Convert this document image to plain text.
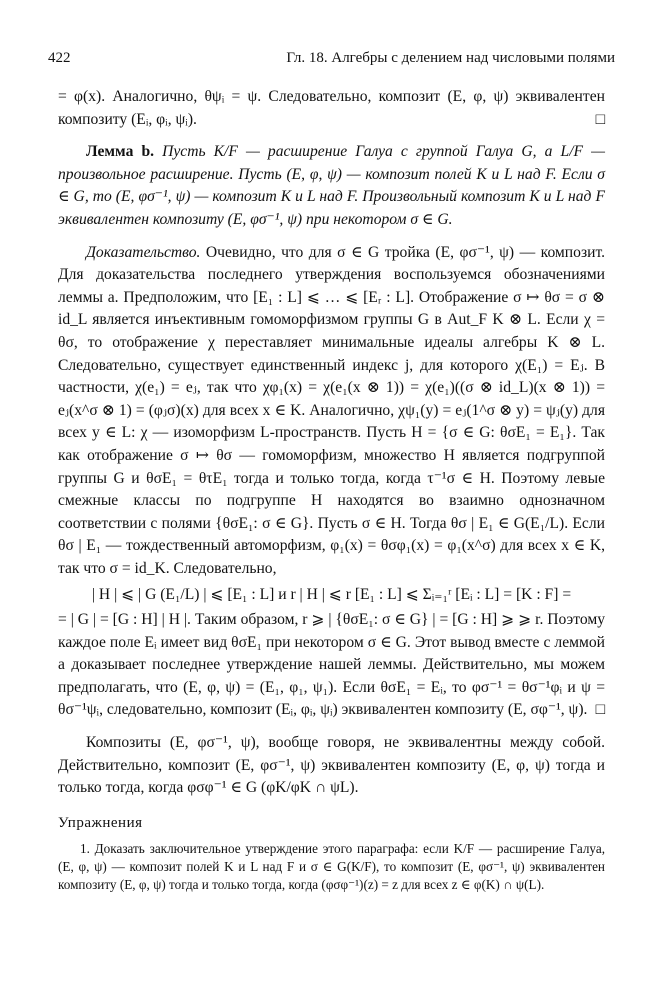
422	Гл. 18. Алгебры с делением над числовыми полями

= φ(x). Аналогично, θψᵢ = ψ. Следовательно, композит (E, φ, ψ) эквивалентен композиту (Eᵢ, φᵢ, ψᵢ).	□

Лемма b. Пусть K/F — расширение Галуа с группой Галуа G, a L/F — произвольное расширение. Пусть (E, φ, ψ) — композит полей K и L над F. Если σ ∈ G, то (E, φσ⁻¹, ψ) — композит K и L над F. Произвольный композит K и L над F эквивалентен композиту (E, φσ⁻¹, ψ) при некотором σ ∈ G.

Доказательство. Очевидно, что для σ ∈ G тройка (E, φσ⁻¹, ψ) — композит. Для доказательства последнего утверждения воспользуемся обозначениями леммы a. Предположим, что [E₁ : L] ⩽ … ⩽ [Eᵣ : L]. Отображение σ ↦ θσ = σ ⊗ id_L является инъективным гомоморфизмом группы G в Aut_F K ⊗ L. Если χ = θσ, то отображение χ переставляет минимальные идеалы алгебры K ⊗ L. Следовательно, существует единственный индекс j, для которого χ(E₁) = Eⱼ. В частности, χ(e₁) = eⱼ, так что χφ₁(x) = χ(e₁(x ⊗ 1)) = χ(e₁)((σ ⊗ id_L)(x ⊗ 1)) = eⱼ(x^σ ⊗ 1) = (φⱼσ)(x) для всех x ∈ K. Аналогично, χψ₁(y) = eⱼ(1^σ ⊗ y) = ψⱼ(y) для всех y ∈ L: χ — изоморфизм L-пространств. Пусть H = {σ ∈ G: θσE₁ = E₁}. Так как отображение σ ↦ θσ — гомоморфизм, множество H является подгруппой группы G и θσE₁ = θτE₁ тогда и только тогда, когда τ⁻¹σ ∈ H. Поэтому левые смежные классы по подгруппе H находятся во взаимно однозначном соответствии с полями {θσE₁: σ ∈ G}. Пусть σ ∈ H. Тогда θσ | E₁ ∈ G(E₁/L). Если θσ | E₁ — тождественный автоморфизм, φ₁(x) = θσφ₁(x) = φ₁(x^σ) для всех x ∈ K, так что σ = id_K. Следовательно,

| H | ⩽ | G (E₁/L) | ⩽ [E₁ : L] и r | H | ⩽ r [E₁ : L] ⩽ Σᵢ₌₁ʳ [Eᵢ : L] = [K : F] =

= | G | = [G : H] | H |. Таким образом, r ⩾ | {θσE₁: σ ∈ G} | = [G : H] ⩾ ⩾ r. Поэтому каждое поле Eᵢ имеет вид θσE₁ при некотором σ ∈ G. Этот вывод вместе с леммой a доказывает последнее утверждение нашей леммы. Действительно, мы можем предполагать, что (E, φ, ψ) = (E₁, φ₁, ψ₁). Если θσE₁ = Eᵢ, то φσ⁻¹ = θσ⁻¹φᵢ и ψ = θσ⁻¹ψᵢ, следовательно, композит (Eᵢ, φᵢ, ψᵢ) эквивалентен композиту (E, σφ⁻¹, ψ). □

Композиты (E, φσ⁻¹, ψ), вообще говоря, не эквивалентны между собой. Действительно, композит (E, φσ⁻¹, ψ) эквивалентен композиту (E, φ, ψ) тогда и только тогда, когда φσφ⁻¹ ∈ G (φK/φK ∩ ψL).

Упражнения

1. Доказать заключительное утверждение этого параграфа: если K/F — расширение Галуа, (E, φ, ψ) — композит полей K и L над F и σ ∈ G(K/F), то композит (E, φσ⁻¹, ψ) эквивалентен композиту (E, φ, ψ) тогда и только тогда, когда (φσφ⁻¹)(z) = z для всех z ∈ φ(K) ∩ ψ(L).
